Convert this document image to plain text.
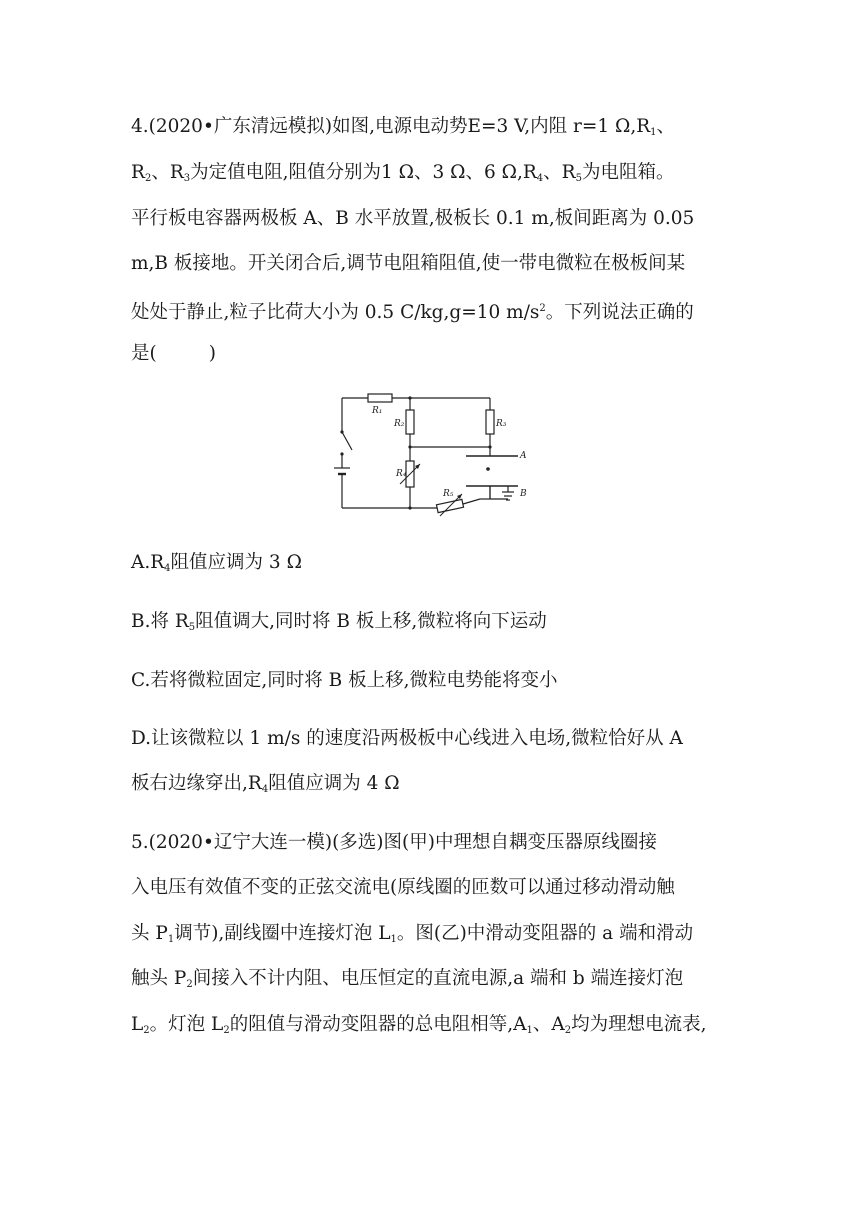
4.(2020•广东清远模拟)如图,电源电动势E=3 V,内阻 r=1 $\Omega,R_1$、
$R_2$、$R_3$为定值电阻,阻值分别为1 Ω、3 Ω、6 $\Omega,R_4$、$R_5$为电阻箱。
平行板电容器两极板 A、B 水平放置,极板长 0.1 m,板间距离为 0.05
m,B 板接地。开关闭合后,调节电阻箱阻值,使一带电微粒在极板间某
处处于静止,粒子比荷大小为 0.5 C/kg,g=10 $m/s^2$。下列说法正确的
是(	)
R₁
R₂	R₃
R₄
R₅
A
B
$A.R_4$阻值应调为 3 Ω
B.将 $R_5$阻值调大,同时将 B 板上移,微粒将向下运动
C.若将微粒固定,同时将 B 板上移,微粒电势能将变小
D.让该微粒以 1 m/s 的速度沿两极板中心线进入电场,微粒恰好从 A
板右边缘穿出$,R_4$阻值应调为 4 Ω
5.(2020•辽宁大连一模)(多选)图(甲)中理想自耦变压器原线圈接
入电压有效值不变的正弦交流电(原线圈的匝数可以通过移动滑动触
头 $P_1$调节),副线圈中连接灯泡 $L_1$。图(乙)中滑动变阻器的 a 端和滑动
触头 $P_2$间接入不计内阻、电压恒定的直流电源,a 端和 b 端连接灯泡
$L_2$。灯泡 $L_2$的阻值与滑动变阻器的总电阻相等$,A_1$、$A_2$均为理想电流表,
